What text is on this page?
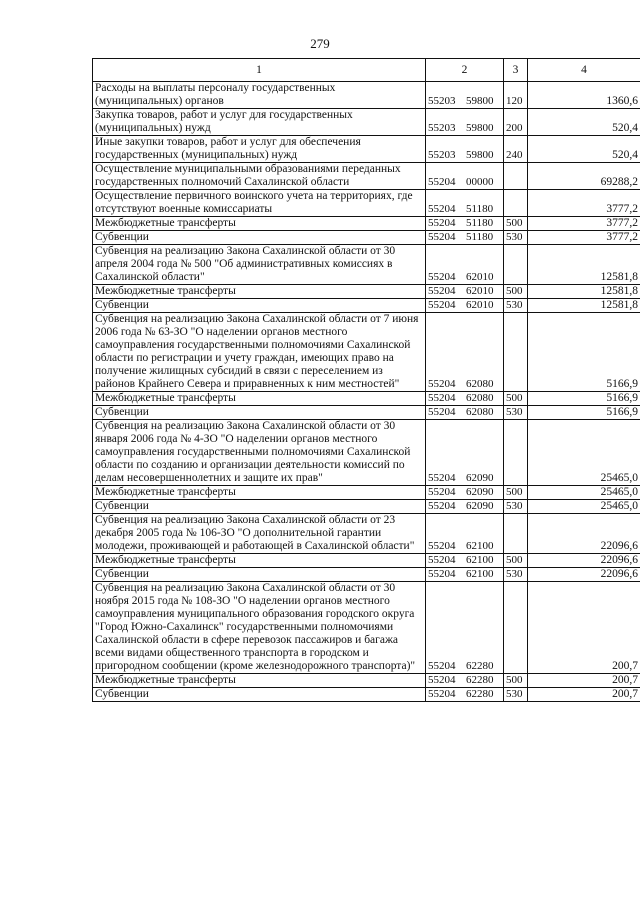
279
1	2	3	4
Расходы на выплаты персоналу государственных (муниципальных) органов	55203 59800	120	1360,6
Закупка товаров, работ и услуг для государственных (муниципальных) нужд	55203 59800	200	520,4
Иные закупки товаров, работ и услуг для обеспечения государственных (муниципальных) нужд	55203 59800	240	520,4
Осуществление муниципальными образованиями переданных государственных полномочий Сахалинской области	55204 00000		69288,2
Осуществление первичного воинского учета на территориях, где отсутствуют военные комиссариаты	55204 51180		3777,2
Межбюджетные трансферты	55204 51180	500	3777,2
Субвенции	55204 51180	530	3777,2
Субвенция на реализацию Закона Сахалинской области от 30 апреля 2004 года № 500 "Об административных комиссиях в Сахалинской области"	55204 62010		12581,8
Межбюджетные трансферты	55204 62010	500	12581,8
Субвенции	55204 62010	530	12581,8
Субвенция на реализацию Закона Сахалинской области от 7 июня 2006 года № 63-ЗО "О наделении органов местного самоуправления государственными полномочиями Сахалинской области по регистрации и учету граждан, имеющих право на получение жилищных субсидий в связи с переселением из районов Крайнего Севера и приравненных к ним местностей"	55204 62080		5166,9
Межбюджетные трансферты	55204 62080	500	5166,9
Субвенции	55204 62080	530	5166,9
Субвенция на реализацию Закона Сахалинской области от 30 января 2006 года № 4-ЗО "О наделении органов местного самоуправления государственными полномочиями Сахалинской области по созданию и организации деятельности комиссий по делам несовершеннолетних и защите их прав"	55204 62090		25465,0
Межбюджетные трансферты	55204 62090	500	25465,0
Субвенции	55204 62090	530	25465,0
Субвенция на реализацию Закона Сахалинской области от 23 декабря 2005 года № 106-ЗО "О дополнительной гарантии молодежи, проживающей и работающей в Сахалинской области"	55204 62100		22096,6
Межбюджетные трансферты	55204 62100	500	22096,6
Субвенции	55204 62100	530	22096,6
Субвенция на реализацию Закона Сахалинской области от 30 ноября 2015 года № 108-ЗО "О наделении органов местного самоуправления муниципального образования городского округа "Город Южно-Сахалинск" государственными полномочиями Сахалинской области в сфере перевозок пассажиров и багажа всеми видами общественного транспорта в городском и пригородном сообщении (кроме железнодорожного транспорта)"	55204 62280		200,7
Межбюджетные трансферты	55204 62280	500	200,7
Субвенции	55204 62280	530	200,7
